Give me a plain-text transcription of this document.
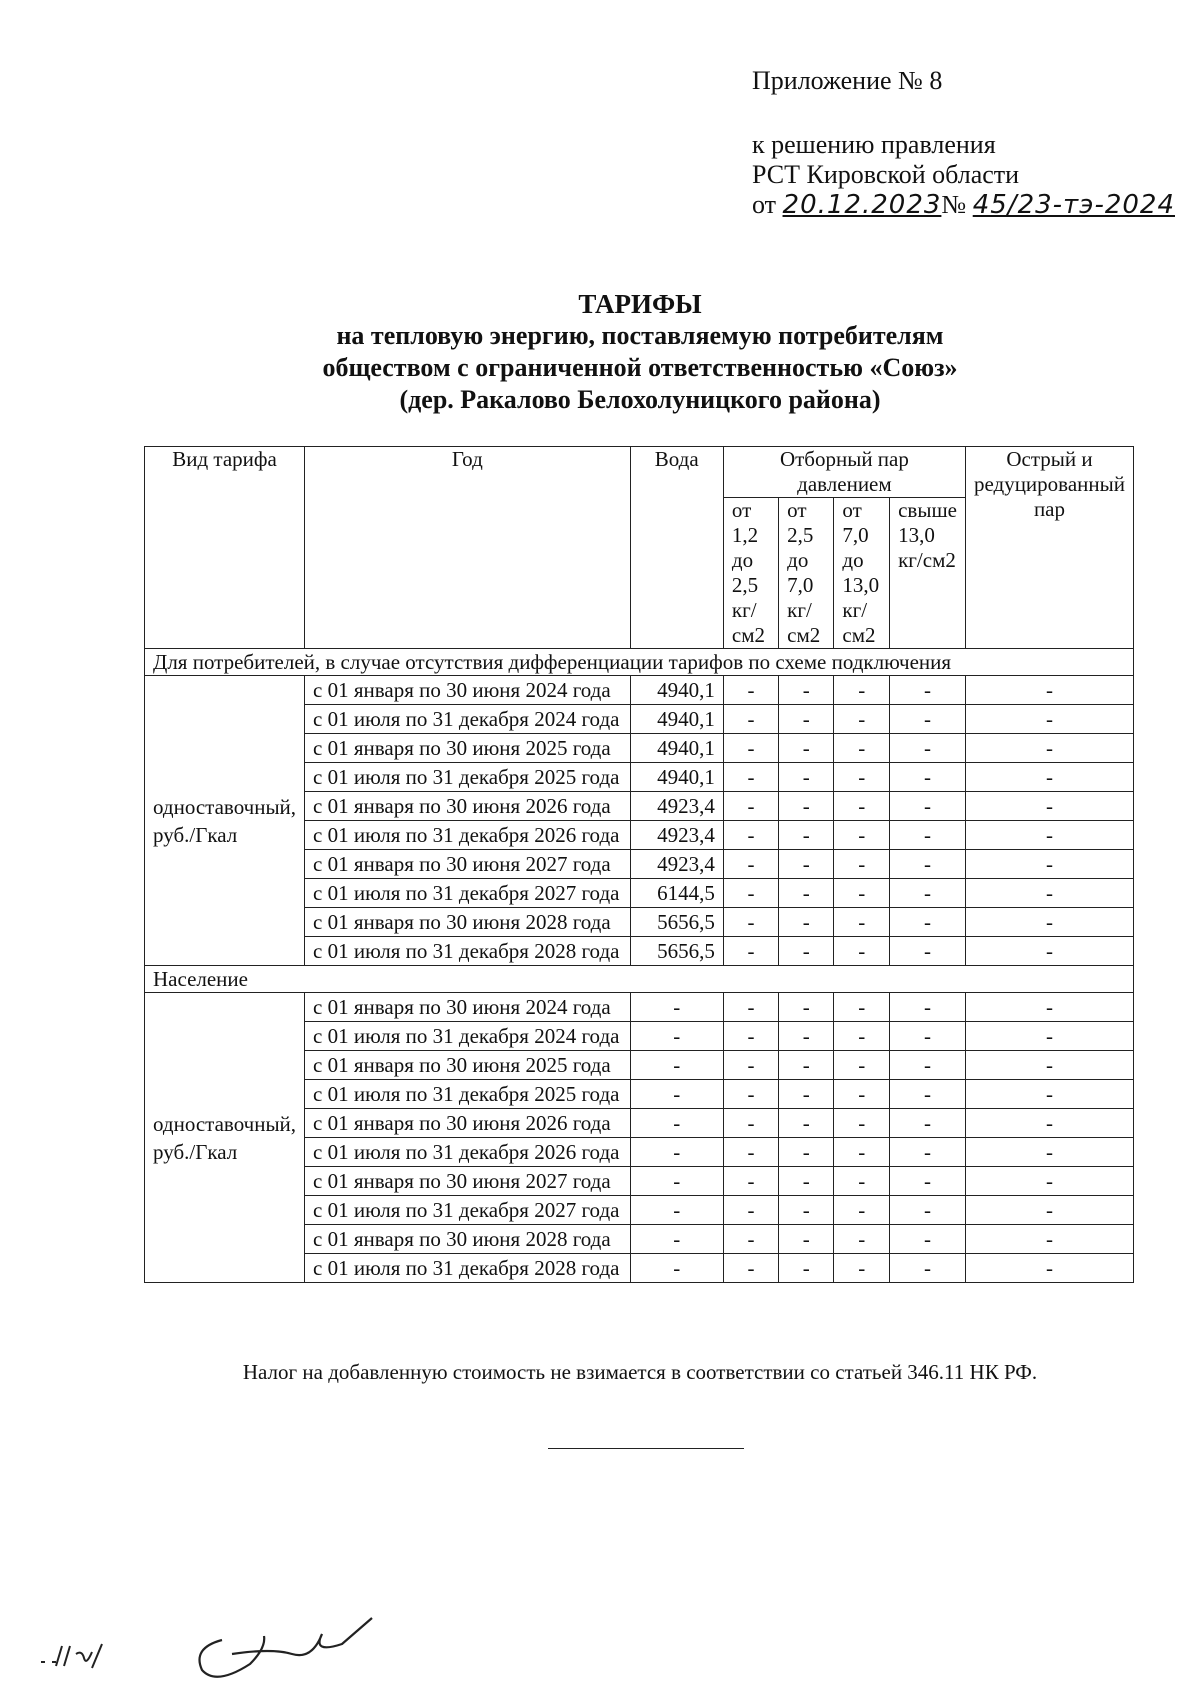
Приложение № 8
к решению правления
РСТ Кировской области
от 20.12.2023№ 45/23-тэ-2024
ТАРИФЫ
на тепловую энергию, поставляемую потребителям
обществом с ограниченной ответственностью «Союз»
(дер. Ракалово Белохолуницкого района)
Вид тарифа	Год	Вода	Отборный пар давлением				Острый и редуцированный пар
			от 1,2 до 2,5 кг/см2	от 2,5 до 7,0 кг/см2	от 7,0 до 13,0 кг/см2	свыше 13,0 кг/см2	
Для потребителей, в случае отсутствия дифференциации тарифов по схеме подключения							
одноставочный, руб./Гкал	с 01 января по 30 июня 2024 года	4940,1	-	-	-	-	-
	с 01 июля по 31 декабря 2024 года	4940,1	-	-	-	-	-
	с 01 января по 30 июня 2025 года	4940,1	-	-	-	-	-
	с 01 июля по 31 декабря 2025 года	4940,1	-	-	-	-	-
	с 01 января по 30 июня 2026 года	4923,4	-	-	-	-	-
	с 01 июля по 31 декабря 2026 года	4923,4	-	-	-	-	-
	с 01 января по 30 июня 2027 года	4923,4	-	-	-	-	-
	с 01 июля по 31 декабря 2027 года	6144,5	-	-	-	-	-
	с 01 января по 30 июня 2028 года	5656,5	-	-	-	-	-
	с 01 июля по 31 декабря 2028 года	5656,5	-	-	-	-	-
Население							
одноставочный, руб./Гкал	с 01 января по 30 июня 2024 года	-	-	-	-	-	-
	с 01 июля по 31 декабря 2024 года	-	-	-	-	-	-
	с 01 января по 30 июня 2025 года	-	-	-	-	-	-
	с 01 июля по 31 декабря 2025 года	-	-	-	-	-	-
	с 01 января по 30 июня 2026 года	-	-	-	-	-	-
	с 01 июля по 31 декабря 2026 года	-	-	-	-	-	-
	с 01 января по 30 июня 2027 года	-	-	-	-	-	-
	с 01 июля по 31 декабря 2027 года	-	-	-	-	-	-
	с 01 января по 30 июня 2028 года	-	-	-	-	-	-
	с 01 июля по 31 декабря 2028 года	-	-	-	-	-	-
Налог на добавленную стоимость не взимается в соответствии со статьей 346.11 НК РФ.
